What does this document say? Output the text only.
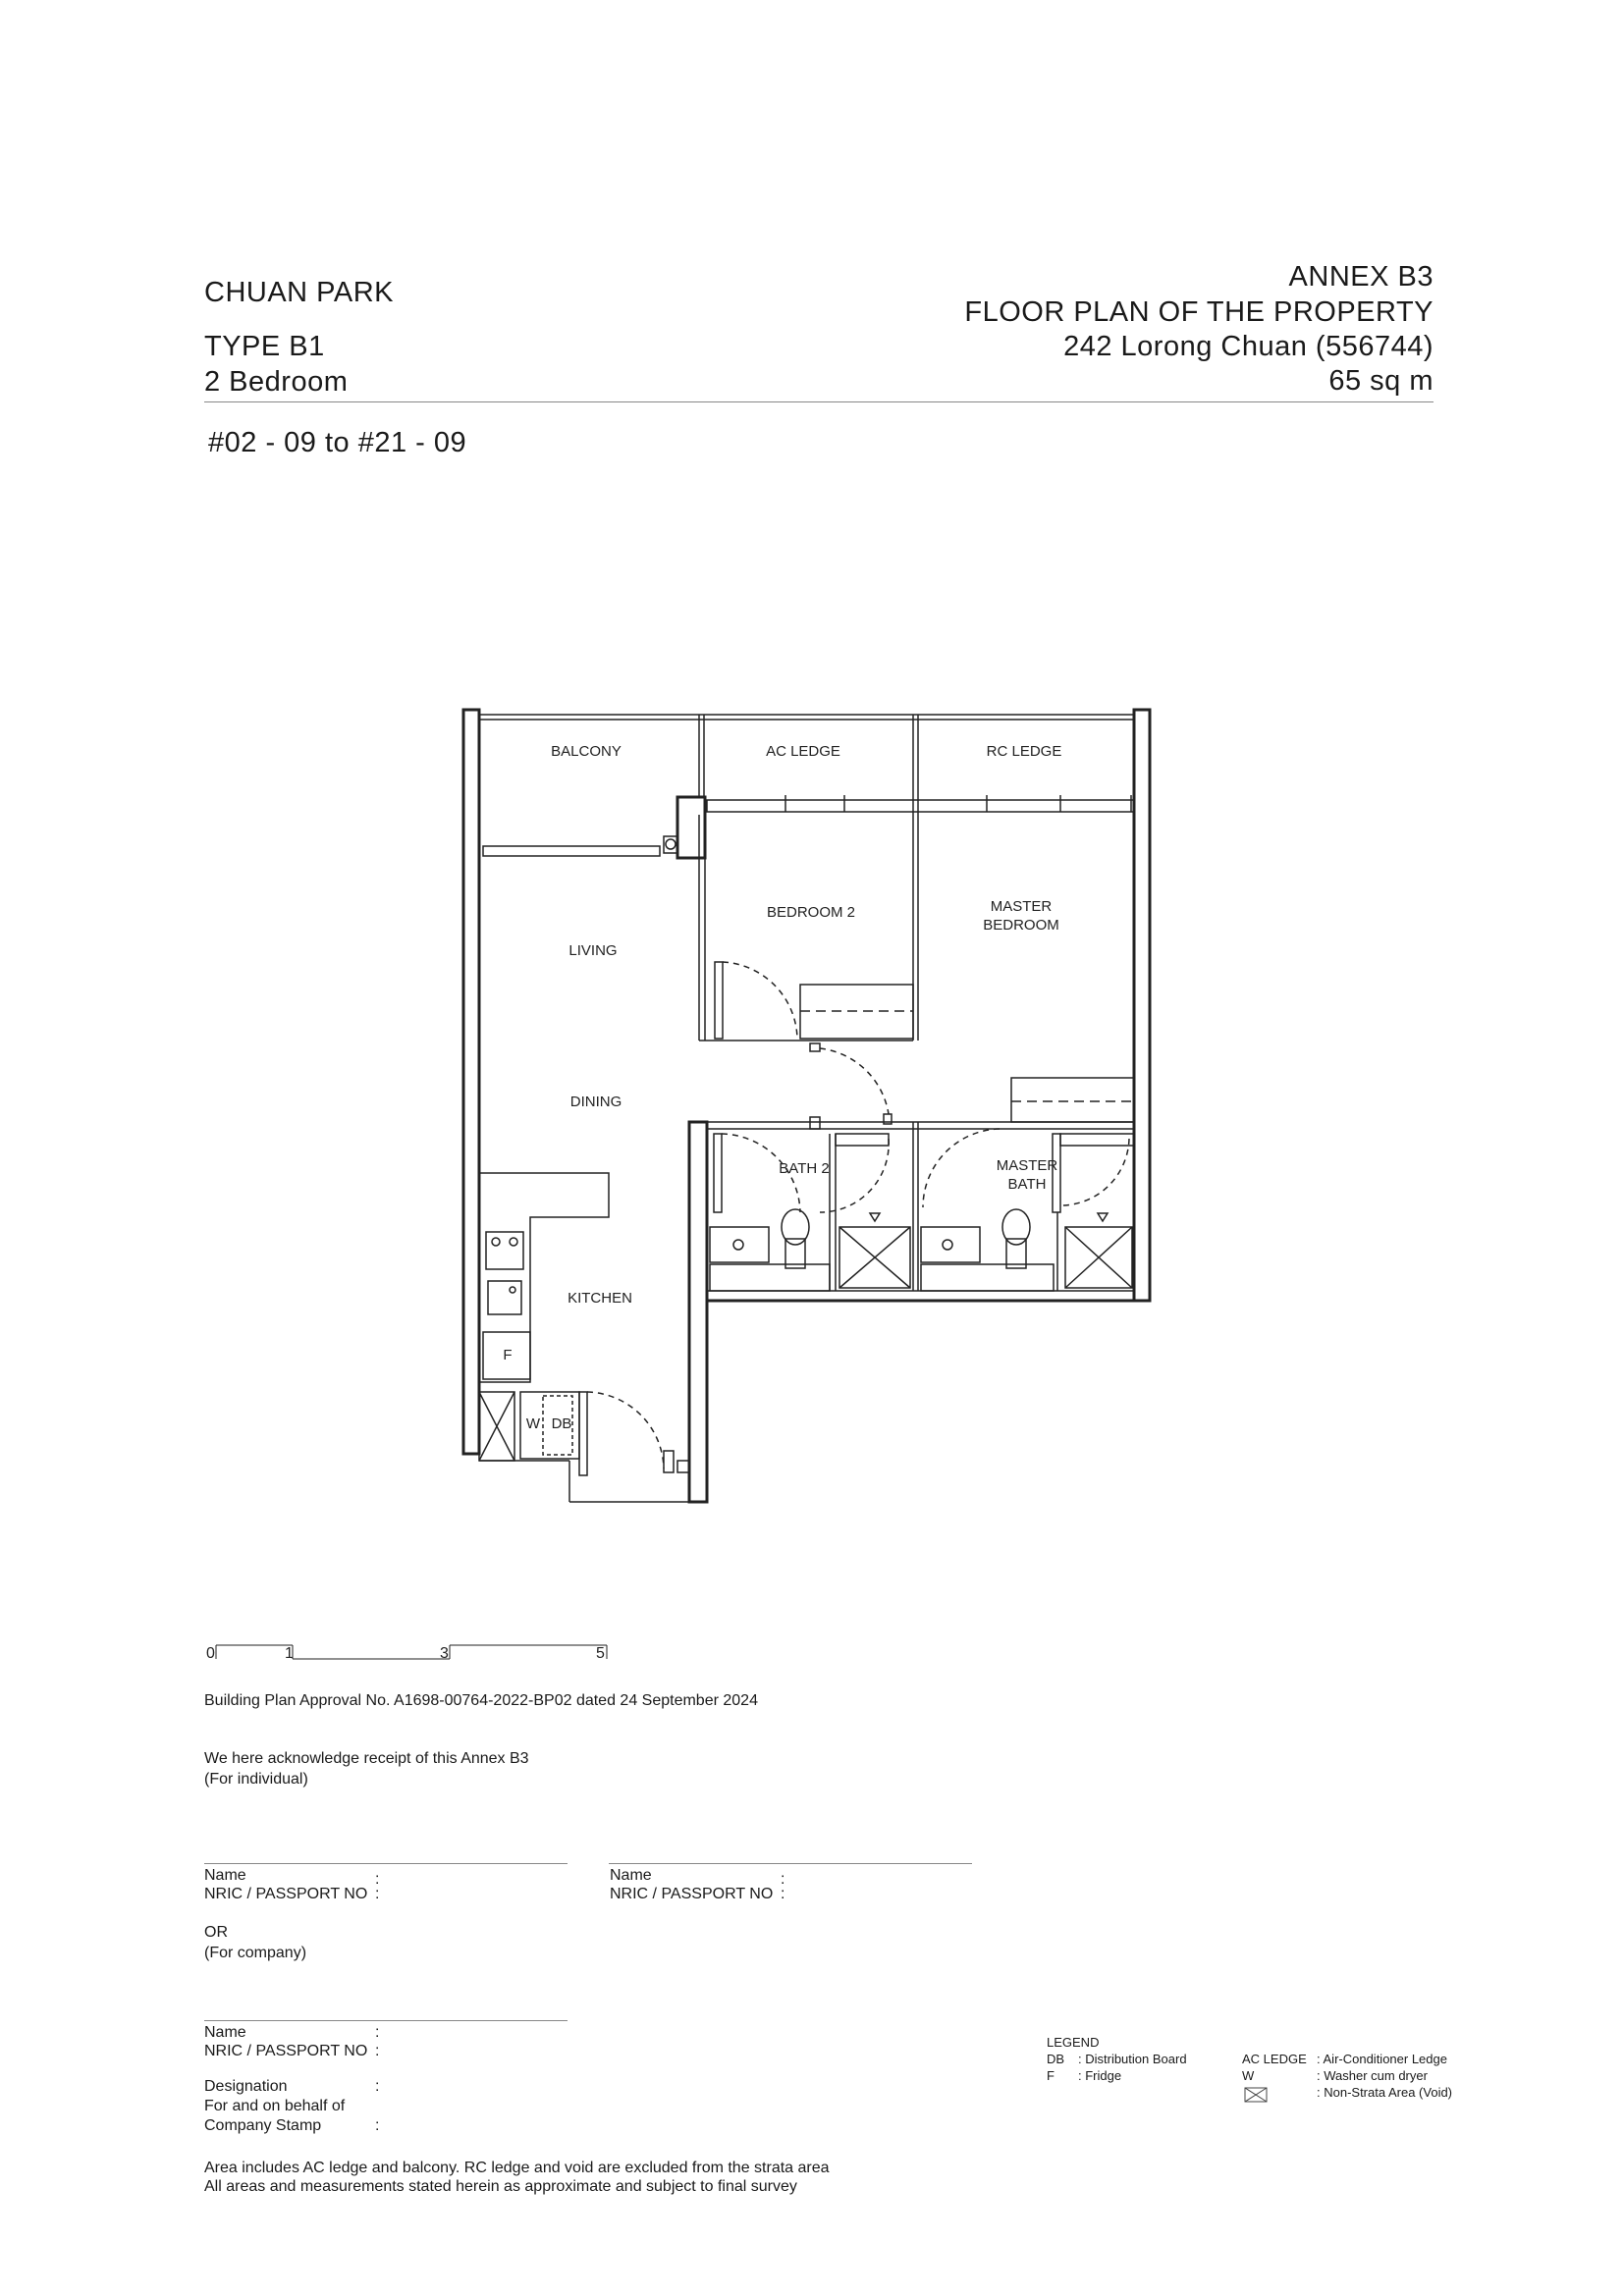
CHUAN PARK
TYPE B1
2 Bedroom
ANNEX B3
FLOOR PLAN OF THE PROPERTY
242 Lorong Chuan (556744)
65 sq m
#02 - 09 to #21 - 09
BALCONY	AC LEDGE	RC LEDGE
BEDROOM 2	MASTER
BEDROOM
LIVING
DINING
BATH 2	MASTER
BATH
KITCHEN
F
W DB
0	1	3	5
Building Plan Approval No. A1698-00764-2022-BP02 dated 24 September 2024
We here acknowledge receipt of this Annex B3
(For individual)
Name	:
NRIC / PASSPORT NO :
Name	:
NRIC / PASSPORT NO :
OR
(For company)
Name	:
NRIC / PASSPORT NO :
Designation	:
For and on behalf of
Company Stamp	:
LEGEND
DB : Distribution Board
F : Fridge
AC LEDGE : Air-Conditioner Ledge
W	: Washer cum dryer
: Non-Strata Area (Void)
Area includes AC ledge and balcony. RC ledge and void are excluded from the strata area
All areas and measurements stated herein as approximate and subject to final survey
